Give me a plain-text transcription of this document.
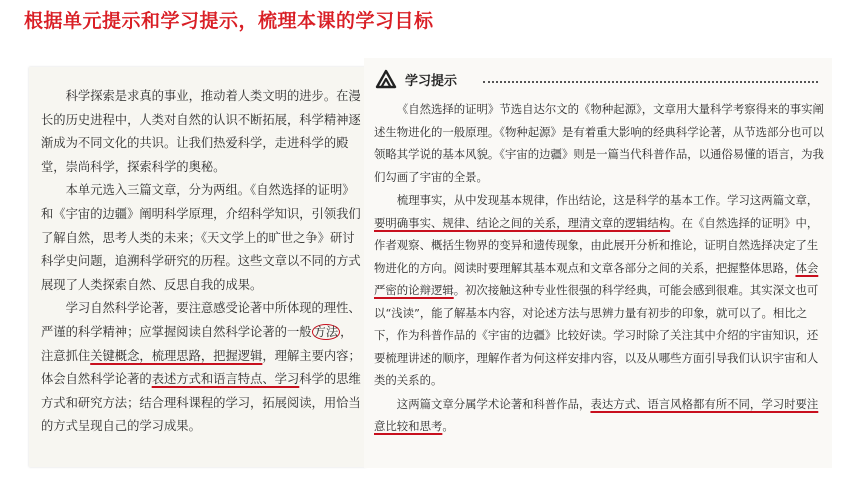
根据单元提示和学习提示，梳理本课的学习目标

科学探索是求真的事业，推动着人类文明的进步。在漫长的历史进程中，人类对自然的认识不断拓展，科学精神逐渐成为不同文化的共识。让我们热爱科学，走进科学的殿堂，崇尚科学，探索科学的奥秘。

本单元选入三篇文章，分为两组。《自然选择的证明》和《宇宙的边疆》阐明科学原理，介绍科学知识，引领我们了解自然，思考人类的未来；《天文学上的旷世之争》研讨科学史问题，追溯科学研究的历程。这些文章以不同的方式展现了人类探索自然、反思自我的成果。

学习自然科学论著，要注意感受论著中所体现的理性、严谨的科学精神；应掌握阅读自然科学论著的一般 方法 ，注意抓住关键概念，梳理思路，把握逻辑，理解主要内容；体会自然科学论著的表述方式和语言特点、学习科学的思维方式和研究方法；结合理科课程的学习，拓展阅读，用恰当的方式呈现自己的学习成果。

学习提示

《自然选择的证明》节选自达尔文的《物种起源》，文章用大量科学考察得来的事实阐述生物进化的一般原理。《物种起源》是有着重大影响的经典科学论著，从节选部分也可以领略其学说的基本风貌。《宇宙的边疆》则是一篇当代科普作品，以通俗易懂的语言，为我们勾画了宇宙的全景。

梳理事实，从中发现基本规律，作出结论，这是科学的基本工作。学习这两篇文章，要明确事实、规律、结论之间的关系，理清文章的逻辑结构。在《自然选择的证明》中，作者观察、概括生物界的变异和遗传现象，由此展开分析和推论，证明自然选择决定了生物进化的方向。阅读时要理解其基本观点和文章各部分之间的关系，把握整体思路，体会严密的论辩逻辑。初次接触这种专业性很强的科学经典，可能会感到很难。其实深文也可以“浅读”，能了解基本内容，对论述方法与思辨力量有初步的印象，就可以了。相比之下，作为科普作品的《宇宙的边疆》比较好读。学习时除了关注其中介绍的宇宙知识，还要梳理讲述的顺序，理解作者为何这样安排内容，以及从哪些方面引导我们认识宇宙和人类的关系的。

这两篇文章分属学术论著和科普作品，表达方式、语言风格都有所不同，学习时要注意比较和思考。
